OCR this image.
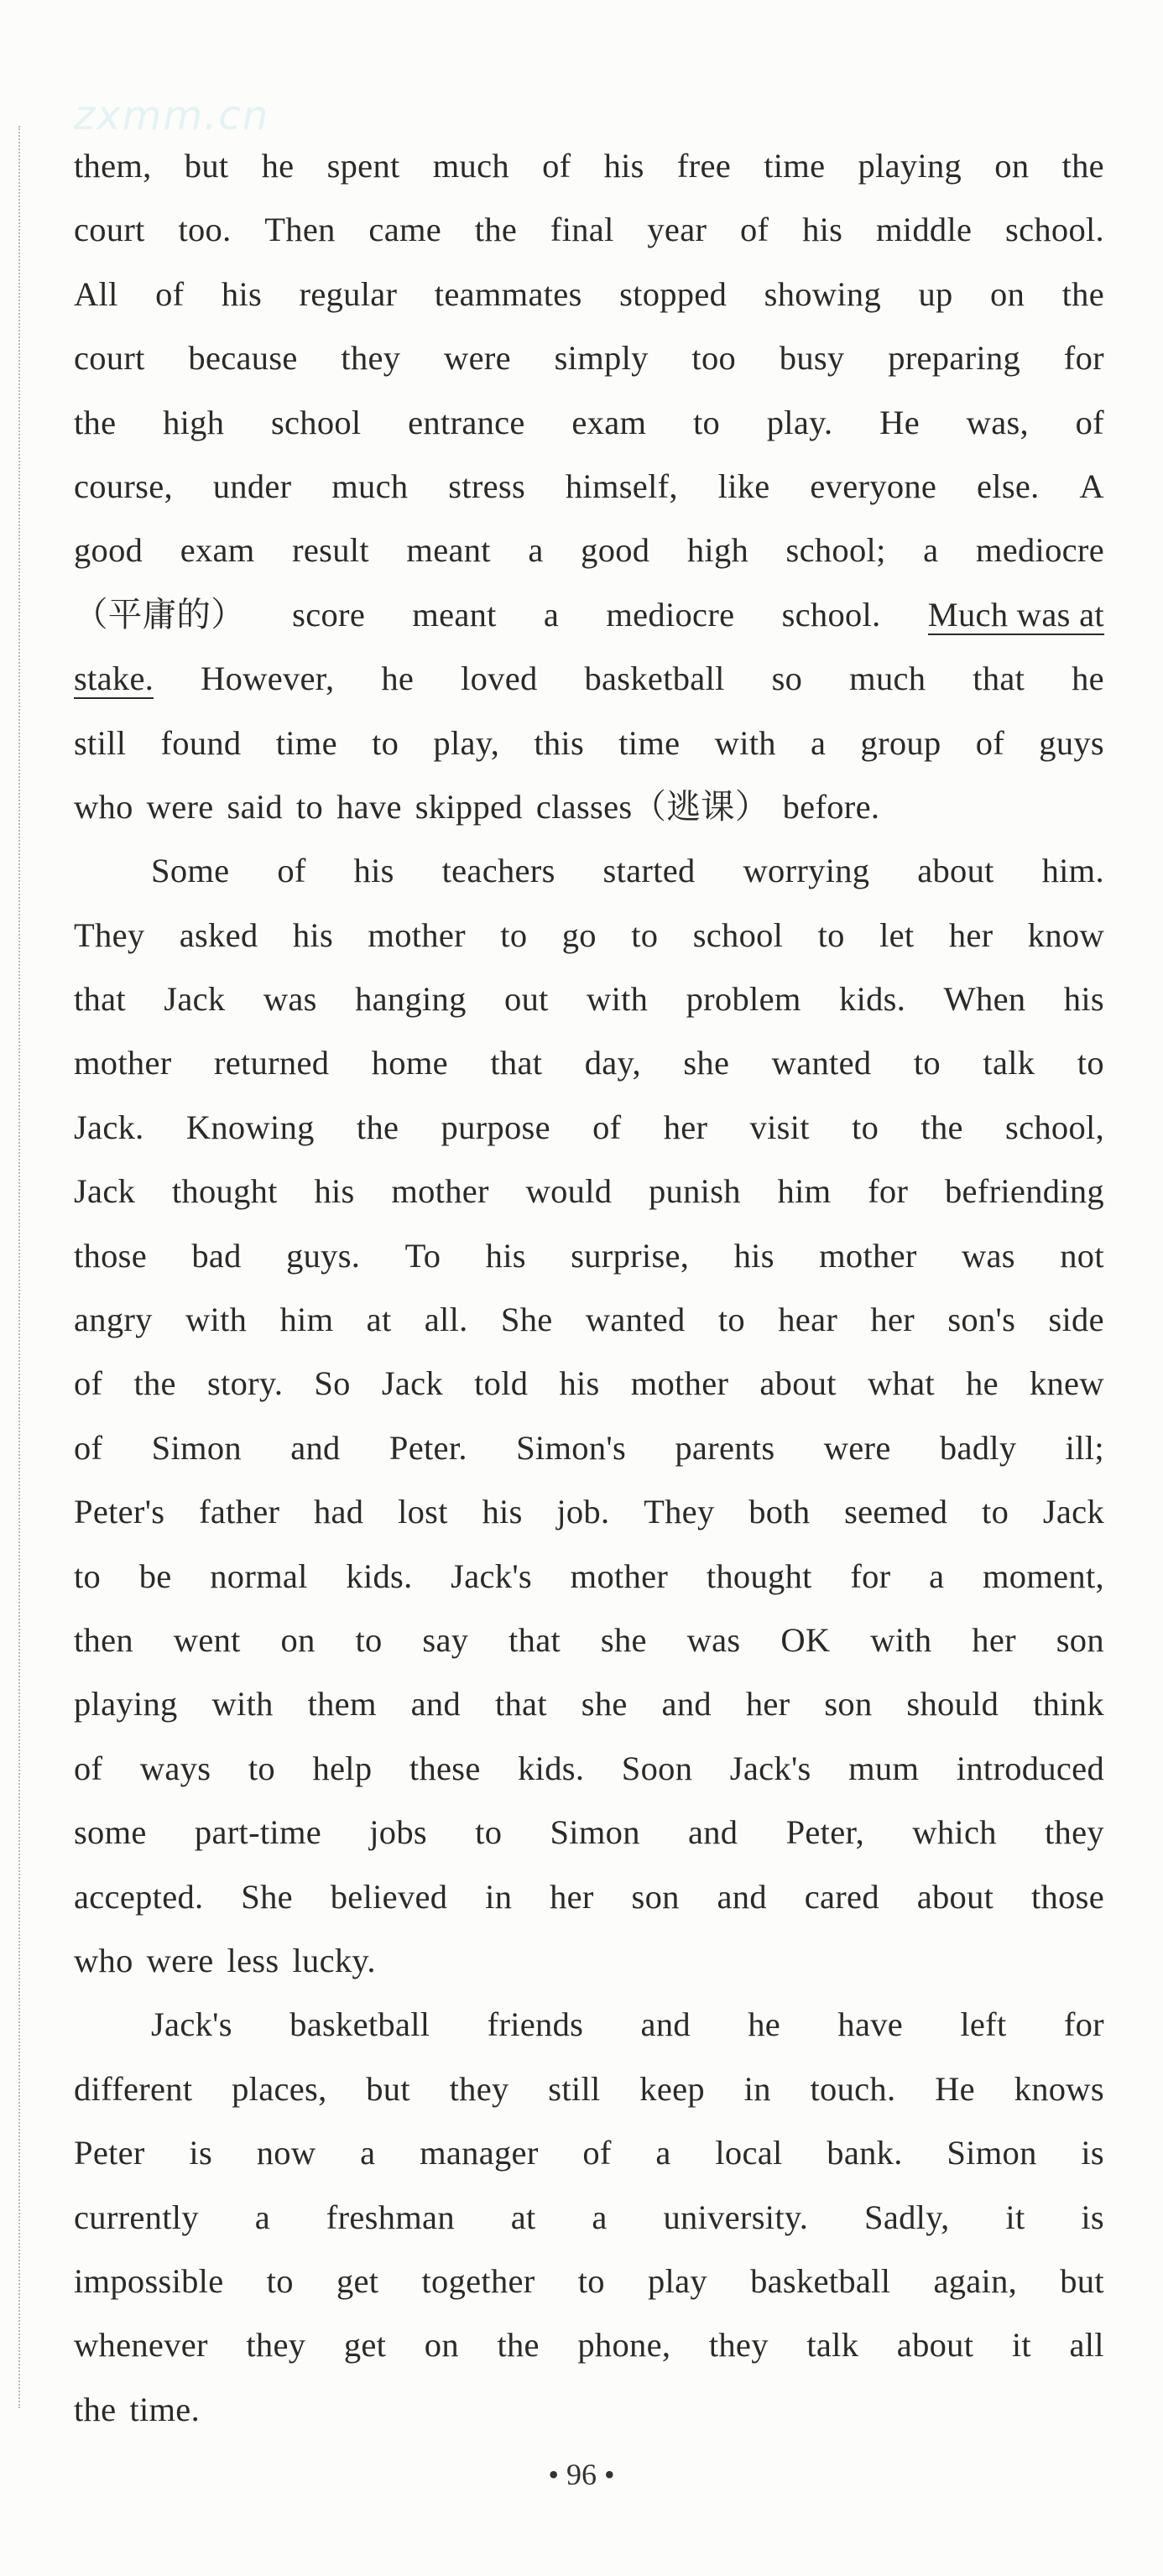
zxmm.cn
them, but he spent much of his free time playing on the
court too. Then came the final year of his middle school.
All of his regular teammates stopped showing up on the
court because they were simply too busy preparing for
the high school entrance exam to play. He was, of
course, under much stress himself, like everyone else. A
good exam result meant a good high school; a mediocre
（平庸的） score meant a mediocre school. Much was at
stake. However, he loved basketball so much that he
still found time to play, this time with a group of guys
who were said to have skipped classes（逃课） before.
Some of his teachers started worrying about him.
They asked his mother to go to school to let her know
that Jack was hanging out with problem kids. When his
mother returned home that day, she wanted to talk to
Jack. Knowing the purpose of her visit to the school,
Jack thought his mother would punish him for befriending
those bad guys. To his surprise, his mother was not
angry with him at all. She wanted to hear her son's side
of the story. So Jack told his mother about what he knew
of Simon and Peter. Simon's parents were badly ill;
Peter's father had lost his job. They both seemed to Jack
to be normal kids. Jack's mother thought for a moment,
then went on to say that she was OK with her son
playing with them and that she and her son should think
of ways to help these kids. Soon Jack's mum introduced
some part-time jobs to Simon and Peter, which they
accepted. She believed in her son and cared about those
who were less lucky.
Jack's basketball friends and he have left for
different places, but they still keep in touch. He knows
Peter is now a manager of a local bank. Simon is
currently a freshman at a university. Sadly, it is
impossible to get together to play basketball again, but
whenever they get on the phone, they talk about it all
the time.
• 96 •
